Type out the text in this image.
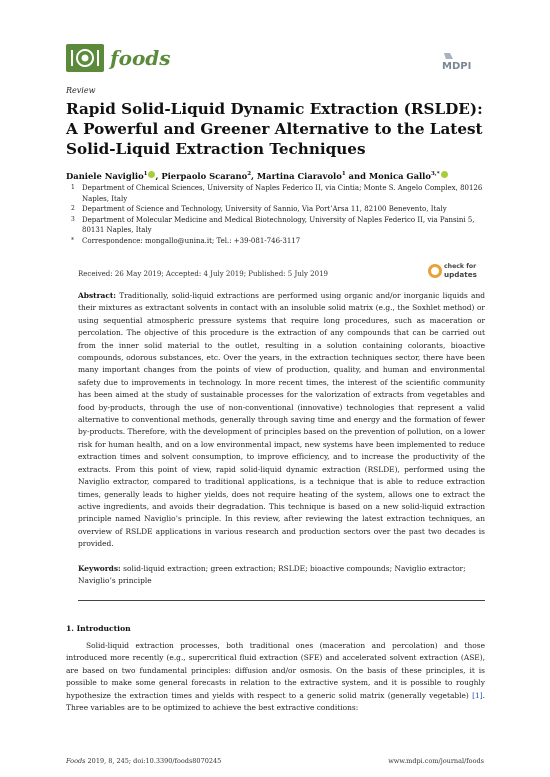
foods	MDPI
Review
Rapid Solid-Liquid Dynamic Extraction (RSLDE): A Powerful and Greener Alternative to the Latest Solid-Liquid Extraction Techniques
Daniele Naviglio$^1$ , Pierpaolo Scarano$^2$, Martina Ciaravolo$^1$ and Monica Gallo$^{3,*}$

1 Department of Chemical Sciences, University of Naples Federico II, via Cintia; Monte S. Angelo Complex, 80126 Naples, Italy

2 Department of Science and Technology, University of Sannio, Via Port’Arsa 11, 82100 Benevento, Italy

3 Department of Molecular Medicine and Medical Biotechnology, University of Naples Federico II, via Pansini 5, 80131 Naples, Italy

* Correspondence: mongallo@unina.it; Tel.: +39-081-746-3117

Received: 26 May 2019; Accepted: 4 July 2019; Published: 5 July 2019
check for
updates

Abstract: Traditionally, solid-liquid extractions are performed using organic and/or inorganic liquids and their mixtures as extractant solvents in contact with an insoluble solid matrix (e.g., the Soxhlet method) or using sequential atmospheric pressure systems that require long procedures, such as maceration or percolation. The objective of this procedure is the extraction of any compounds that can be carried out from the inner solid material to the outlet, resulting in a solution containing colorants, bioactive compounds, odorous substances, etc. Over the years, in the extraction techniques sector, there have been many important changes from the points of view of production, quality, and human and environmental safety due to improvements in technology. In more recent times, the interest of the scientific community has been aimed at the study of sustainable processes for the valorization of extracts from vegetables and food by-products, through the use of non-conventional (innovative) technologies that represent a valid alternative to conventional methods, generally through saving time and energy and the formation of fewer by-products. Therefore, with the development of principles based on the prevention of pollution, on a lower risk for human health, and on a low environmental impact, new systems have been implemented to reduce extraction times and solvent consumption, to improve efficiency, and to increase the productivity of the extracts. From this point of view, rapid solid-liquid dynamic extraction (RSLDE), performed using the Naviglio extractor, compared to traditional applications, is a technique that is able to reduce extraction times, generally leads to higher yields, does not require heating of the system, allows one to extract the active ingredients, and avoids their degradation. This technique is based on a new solid-liquid extraction principle named Naviglio’s principle. In this review, after reviewing the latest extraction techniques, an overview of RSLDE applications in various research and production sectors over the past two decades is provided.

Keywords: solid-liquid extraction; green extraction; RSLDE; bioactive compounds; Naviglio extractor; Naviglio’s principle

1. Introduction

Solid-liquid extraction processes, both traditional ones (maceration and percolation) and those introduced more recently (e.g., supercritical fluid extraction (SFE) and accelerated solvent extraction (ASE), are based on two fundamental principles: diffusion and/or osmosis. On the basis of these principles, it is possible to make some general forecasts in relation to the extractive system, and it is possible to roughly hypothesize the extraction times and yields with respect to a generic solid matrix (generally vegetable) [1]. Three variables are to be optimized to achieve the best extractive conditions:

Foods 2019, 8, 245; doi:10.3390/foods8070245	www.mdpi.com/journal/foods
